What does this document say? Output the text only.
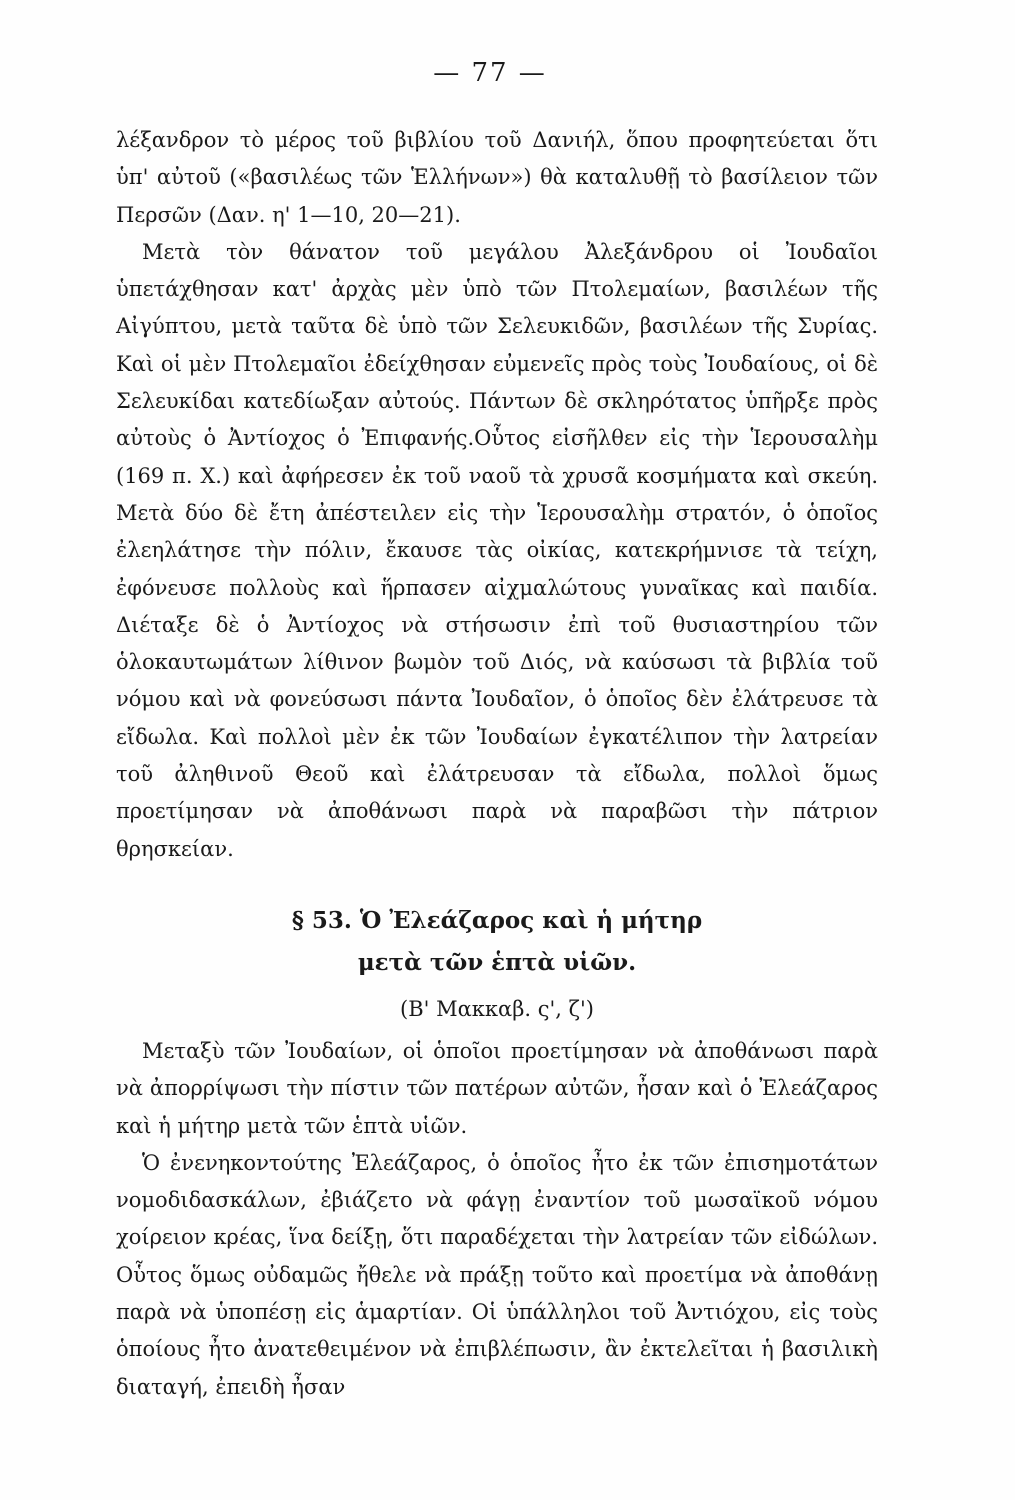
— 77 —

λέξανδρον τὸ μέρος τοῦ βιβλίου τοῦ Δανιήλ, ὅπου προφητεύεται ὅτι ὑπ' αὐτοῦ («βασιλέως τῶν Ἑλλήνων») θὰ καταλυθῇ τὸ βασίλειον τῶν Περσῶν (Δαν. η' 1—10, 20—21).

Μετὰ τὸν θάνατον τοῦ μεγάλου Ἀλεξάνδρου οἱ Ἰουδαῖοι ὑπετάχθησαν κατ' ἀρχὰς μὲν ὑπὸ τῶν Πτολεμαίων, βασιλέων τῆς Αἰγύπτου, μετὰ ταῦτα δὲ ὑπὸ τῶν Σελευκιδῶν, βασιλέων τῆς Συρίας. Καὶ οἱ μὲν Πτολεμαῖοι ἐδείχθησαν εὐμενεῖς πρὸς τοὺς Ἰουδαίους, οἱ δὲ Σελευκίδαι κατεδίωξαν αὐτούς. Πάντων δὲ σκληρότατος ὑπῆρξε πρὸς αὐτοὺς ὁ Ἀντίοχος ὁ Ἐπιφανής.Οὗτος εἰσῆλθεν εἰς τὴν Ἱερουσαλὴμ (169 π. Χ.) καὶ ἀφήρεσεν ἐκ τοῦ ναοῦ τὰ χρυσᾶ κοσμήματα καὶ σκεύη. Μετὰ δύο δὲ ἔτη ἀπέστειλεν εἰς τὴν Ἱερουσαλὴμ στρατόν, ὁ ὁποῖος ἐλεηλάτησε τὴν πόλιν, ἔκαυσε τὰς οἰκίας, κατεκρήμνισε τὰ τείχη, ἐφόνευσε πολλοὺς καὶ ἥρπασεν αἰχμαλώτους γυναῖκας καὶ παιδία. Διέταξε δὲ ὁ Ἀντίοχος νὰ στήσωσιν ἐπὶ τοῦ θυσιαστηρίου τῶν ὁλοκαυτωμάτων λίθινον βωμὸν τοῦ Διός, νὰ καύσωσι τὰ βιβλία τοῦ νόμου καὶ νὰ φονεύσωσι πάντα Ἰουδαῖον, ὁ ὁποῖος δὲν ἐλάτρευσε τὰ εἴδωλα. Καὶ πολλοὶ μὲν ἐκ τῶν Ἰουδαίων ἐγκατέλιπον τὴν λατρείαν τοῦ ἀληθινοῦ Θεοῦ καὶ ἐλάτρευσαν τὰ εἴδωλα, πολλοὶ ὅμως προετίμησαν νὰ ἀποθάνωσι παρὰ νὰ παραβῶσι τὴν πάτριον θρησκείαν.

§ 53. Ὁ Ἐλεάζαρος καὶ ἡ μήτηρ
μετὰ τῶν ἑπτὰ υἱῶν.
(Β' Μακκαβ. ς', ζ')

Μεταξὺ τῶν Ἰουδαίων, οἱ ὁποῖοι προετίμησαν νὰ ἀποθάνωσι παρὰ νὰ ἀπορρίψωσι τὴν πίστιν τῶν πατέρων αὐτῶν, ἦσαν καὶ ὁ Ἐλεάζαρος καὶ ἡ μήτηρ μετὰ τῶν ἑπτὰ υἱῶν.

Ὁ ἐνενηκοντούτης Ἐλεάζαρος, ὁ ὁποῖος ἦτο ἐκ τῶν ἐπισημοτάτων νομοδιδασκάλων, ἐβιάζετο νὰ φάγῃ ἐναντίον τοῦ μωσαϊκοῦ νόμου χοίρειον κρέας, ἵνα δείξῃ, ὅτι παραδέχεται τὴν λατρείαν τῶν εἰδώλων. Οὗτος ὅμως οὐδαμῶς ἤθελε νὰ πράξῃ τοῦτο καὶ προετίμα νὰ ἀποθάνῃ παρὰ νὰ ὑποπέσῃ εἰς ἁμαρτίαν. Οἱ ὑπάλληλοι τοῦ Ἀντιόχου, εἰς τοὺς ὁποίους ἦτο ἀνατεθειμένον νὰ ἐπιβλέπωσιν, ἂν ἐκτελεῖται ἡ βασιλικὴ διαταγή, ἐπειδὴ ἦσαν
